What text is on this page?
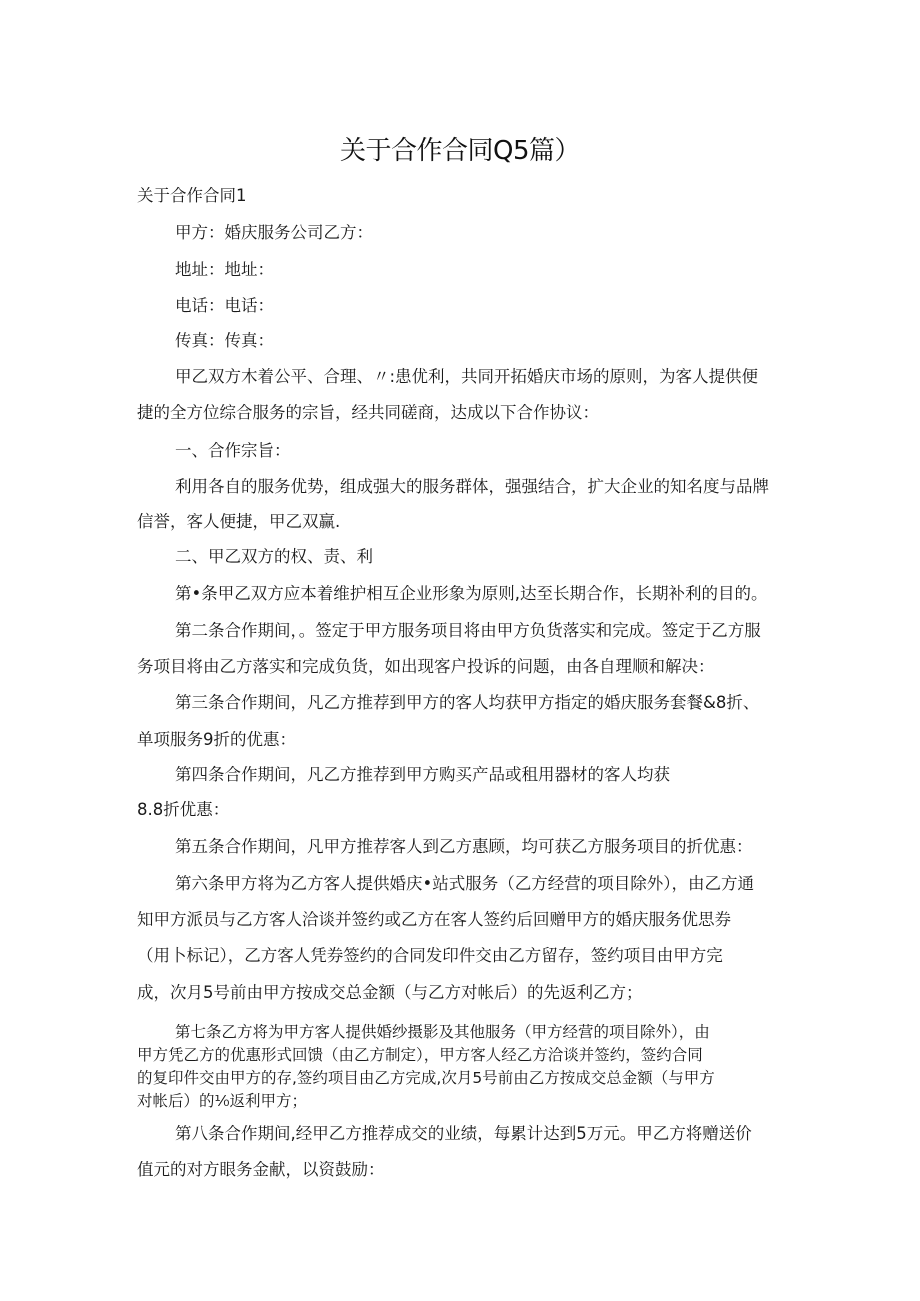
关于合作合同Q5篇）
关于合作合同1
甲方：婚庆服务公司乙方：
地址：地址：
电话：电话：
传真：传真：
甲乙双方木着公平、合理、〃:患优利，共同开拓婚庆市场的原则，为客人提供便
捷的全方位综合服务的宗旨，经共同磋商，达成以下合作协议：
一、合作宗旨：
利用各自的服务优势，组成强大的服务群体，强强结合，扩大企业的知名度与品牌
信誉，客人便捷，甲乙双赢.
二、甲乙双方的权、责、利
第•条甲乙双方应本着维护相互企业形象为原则,达至长期合作，长期补利的目的。
第二条合作期间，。签定于甲方服务项目将由甲方负货落实和完成。签定于乙方服
务项目将由乙方落实和完成负货，如出现客户投诉的问题，由各自理顺和解决：
第三条合作期间，凡乙方推荐到甲方的客人均获甲方指定的婚庆服务套餐&8折、
单项服务9折的优惠：
第四条合作期间，凡乙方推荐到甲方购买产品或租用器材的客人均获
8.8折优惠：
第五条合作期间，凡甲方推荐客人到乙方惠顾，均可获乙方服务项目的折优惠：
第六条甲方将为乙方客人提供婚庆•站式服务（乙方经营的项目除外），由乙方通
知甲方派员与乙方客人洽谈并签约或乙方在客人签约后回赠甲方的婚庆服务优思券
（用卜标记），乙方客人凭券签约的合同发印件交由乙方留存，签约项目由甲方完
成，次月5号前由甲方按成交总金额（与乙方对帐后）的先返利乙方；
第七条乙方将为甲方客人提供婚纱摄影及其他服务（甲方经营的项目除外），由
甲方凭乙方的优惠形式回馈（由乙方制定），甲方客人经乙方洽谈并签约，签约合同
的复印件交由甲方的存,签约项目由乙方完成,次月5号前由乙方按成交总金额（与甲方
对帐后）的⅟₀返利甲方；
第八条合作期间,经甲乙方推荐成交的业绩，每累计达到5万元。甲乙方将赠送价
值元的对方眼务金献，以资鼓励：
